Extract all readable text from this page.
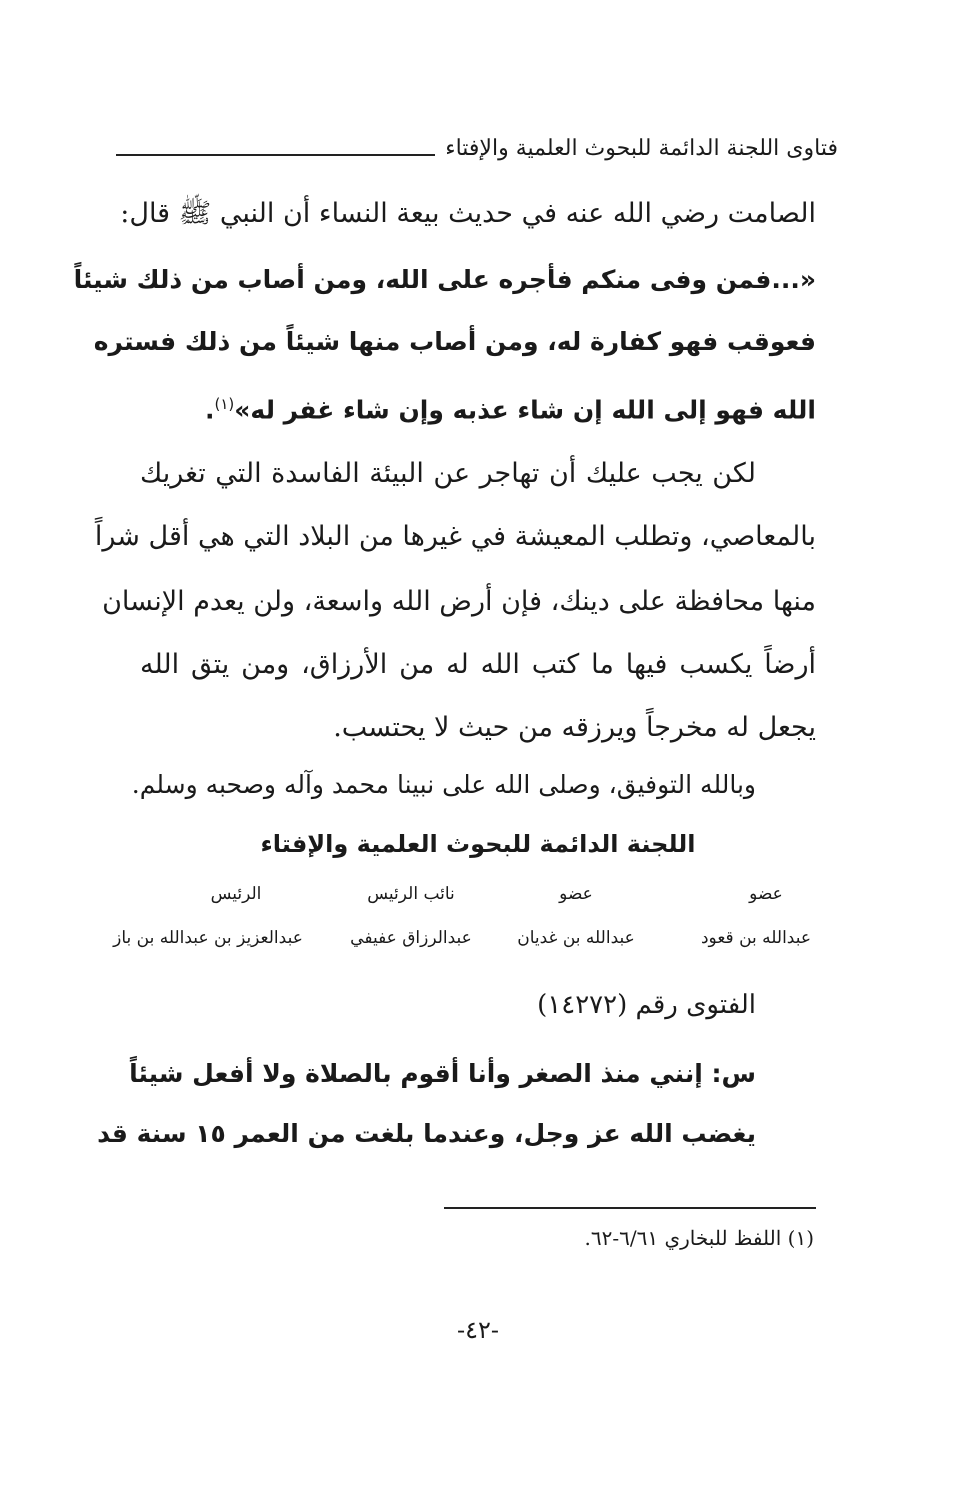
فتاوى اللجنة الدائمة للبحوث العلمية والإفتاء
الصامت رضي الله عنه في حديث بيعة النساء أن النبي ﷺ قال:
«...فمن وفى منكم فأجره على الله، ومن أصاب من ذلك شيئاً
فعوقب فهو كفارة له، ومن أصاب منها شيئاً من ذلك فستره
الله فهو إلى الله إن شاء عذبه وإن شاء غفر له»$^{(١)}$.
لكن يجب عليك أن تهاجر عن البيئة الفاسدة التي تغريك
بالمعاصي، وتطلب المعيشة في غيرها من البلاد التي هي أقل شراً
منها محافظة على دينك، فإن أرض الله واسعة، ولن يعدم الإنسان
أرضاً يكسب فيها ما كتب الله له من الأرزاق، ومن يتق الله
يجعل له مخرجاً ويرزقه من حيث لا يحتسب.
وبالله التوفيق، وصلى الله على نبينا محمد وآله وصحبه وسلم.
اللجنة الدائمة للبحوث العلمية والإفتاء
عضو
عبدالله بن قعود
عضو
عبدالله بن غديان
نائب الرئيس
عبدالرزاق عفيفي
الرئيس
عبدالعزيز بن عبدالله بن باز
الفتوى رقم (١٤٢٧٢)
س: إنني منذ الصغر وأنا أقوم بالصلاة ولا أفعل شيئاً
يغضب الله عز وجل، وعندما بلغت من العمر ١٥ سنة قد
(١) اللفظ للبخاري ٦/٦١-٦٢.
-٤٢-
